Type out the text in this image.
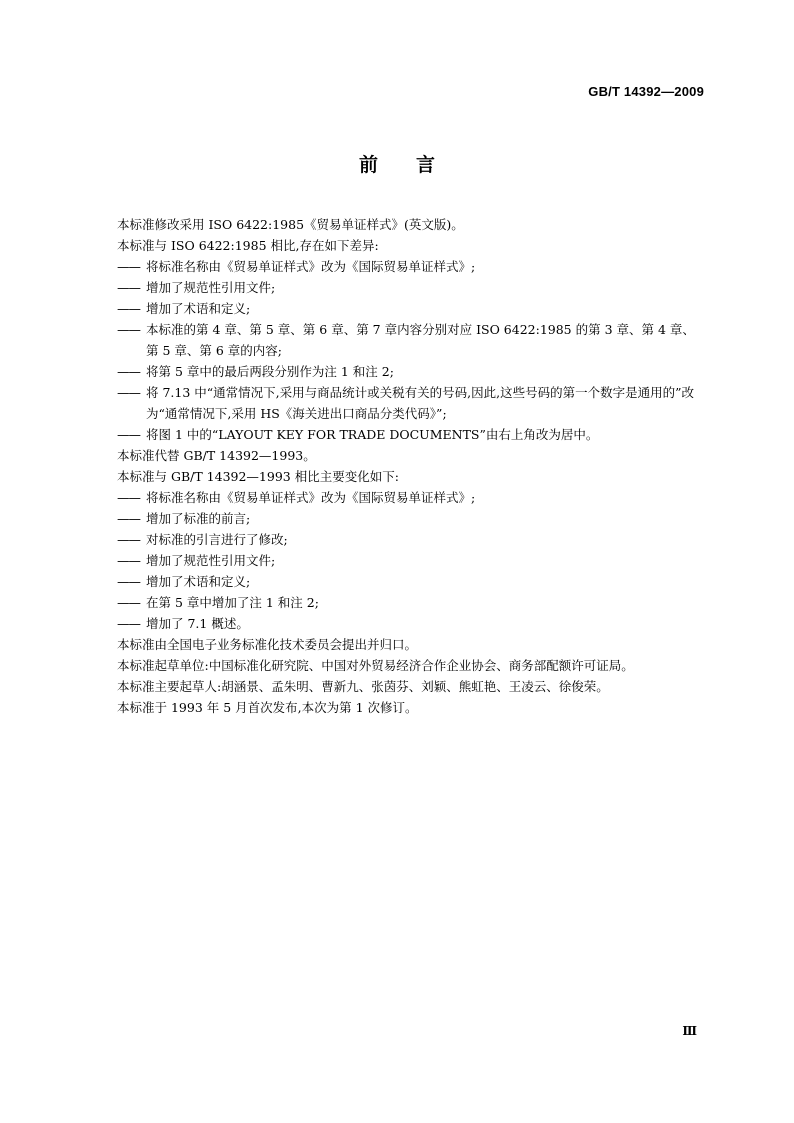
GB/T 14392—2009
前言

本标准修改采用 ISO 6422:1985《贸易单证样式》(英文版)。

本标准与 ISO 6422:1985 相比,存在如下差异:

—— 将标准名称由《贸易单证样式》改为《国际贸易单证样式》;

—— 增加了规范性引用文件;

—— 增加了术语和定义;

—— 本标准的第 4 章、第 5 章、第 6 章、第 7 章内容分别对应 ISO 6422:1985 的第 3 章、第 4 章、第 5 章、第 6 章的内容;

—— 将第 5 章中的最后两段分别作为注 1 和注 2;

—— 将 7.13 中“通常情况下,采用与商品统计或关税有关的号码,因此,这些号码的第一个数字是通用的”改为“通常情况下,采用 HS《海关进出口商品分类代码》”;

—— 将图 1 中的“LAYOUT KEY FOR TRADE DOCUMENTS”由右上角改为居中。

本标准代替 GB/T 14392—1993。

本标准与 GB/T 14392—1993 相比主要变化如下:

—— 将标准名称由《贸易单证样式》改为《国际贸易单证样式》;

—— 增加了标准的前言;

—— 对标准的引言进行了修改;

—— 增加了规范性引用文件;

—— 增加了术语和定义;

—— 在第 5 章中增加了注 1 和注 2;

—— 增加了 7.1 概述。

本标准由全国电子业务标准化技术委员会提出并归口。

本标准起草单位:中国标准化研究院、中国对外贸易经济合作企业协会、商务部配额许可证局。

本标准主要起草人:胡涵景、孟朱明、曹新九、张茵芬、刘颖、熊虹艳、王凌云、徐俊荣。

本标准于 1993 年 5 月首次发布,本次为第 1 次修订。

Ⅲ
